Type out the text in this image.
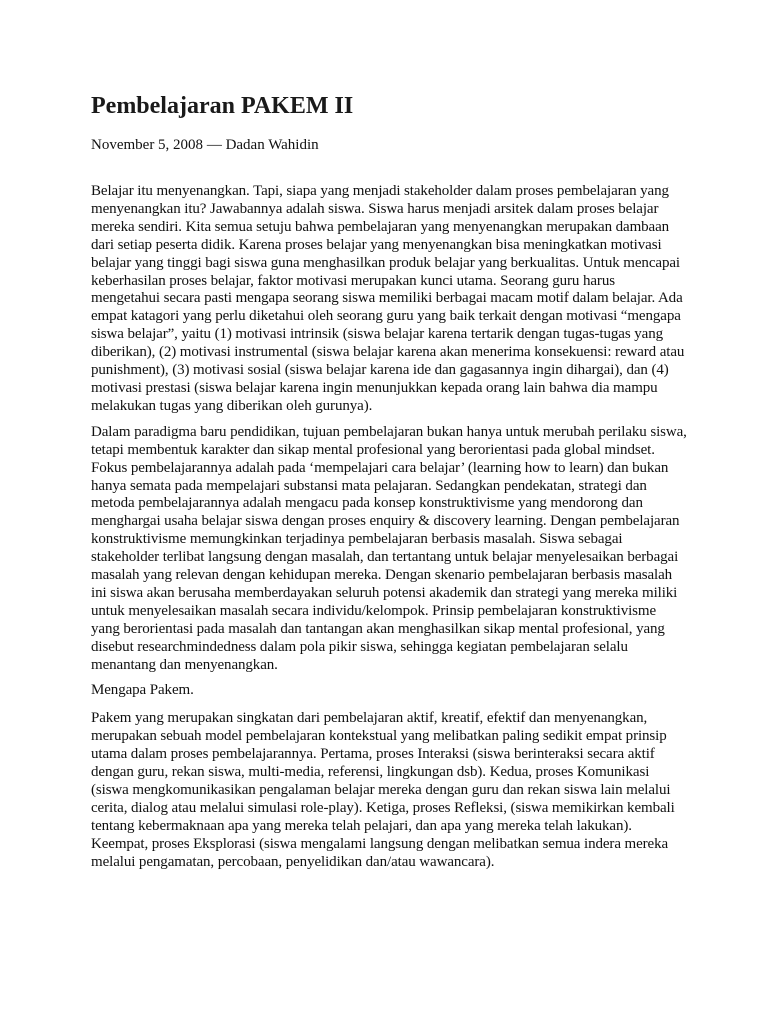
Pembelajaran PAKEM II
November 5, 2008 — Dadan Wahidin

Belajar itu menyenangkan. Tapi, siapa yang menjadi stakeholder dalam proses pembelajaran yang menyenangkan itu? Jawabannya adalah siswa. Siswa harus menjadi arsitek dalam proses belajar mereka sendiri. Kita semua setuju bahwa pembelajaran yang menyenangkan merupakan dambaan dari setiap peserta didik. Karena proses belajar yang menyenangkan bisa meningkatkan motivasi belajar yang tinggi bagi siswa guna menghasilkan produk belajar yang berkualitas. Untuk mencapai keberhasilan proses belajar, faktor motivasi merupakan kunci utama. Seorang guru harus mengetahui secara pasti mengapa seorang siswa memiliki berbagai macam motif dalam belajar. Ada empat katagori yang perlu diketahui oleh seorang guru yang baik terkait dengan motivasi “mengapa siswa belajar”, yaitu (1) motivasi intrinsik (siswa belajar karena tertarik dengan tugas-tugas yang diberikan), (2) motivasi instrumental (siswa belajar karena akan menerima konsekuensi: reward atau punishment), (3) motivasi sosial (siswa belajar karena ide dan gagasannya ingin dihargai), dan (4) motivasi prestasi (siswa belajar karena ingin menunjukkan kepada orang lain bahwa dia mampu melakukan tugas yang diberikan oleh gurunya).

Dalam paradigma baru pendidikan, tujuan pembelajaran bukan hanya untuk merubah perilaku siswa, tetapi membentuk karakter dan sikap mental profesional yang berorientasi pada global mindset. Fokus pembelajarannya adalah pada ‘mempelajari cara belajar’ (learning how to learn) dan bukan hanya semata pada mempelajari substansi mata pelajaran. Sedangkan pendekatan, strategi dan metoda pembelajarannya adalah mengacu pada konsep konstruktivisme yang mendorong dan menghargai usaha belajar siswa dengan proses enquiry & discovery learning. Dengan pembelajaran konstruktivisme memungkinkan terjadinya pembelajaran berbasis masalah. Siswa sebagai stakeholder terlibat langsung dengan masalah, dan tertantang untuk belajar menyelesaikan berbagai masalah yang relevan dengan kehidupan mereka. Dengan skenario pembelajaran berbasis masalah ini siswa akan berusaha memberdayakan seluruh potensi akademik dan strategi yang mereka miliki untuk menyelesaikan masalah secara individu/kelompok. Prinsip pembelajaran konstruktivisme yang berorientasi pada masalah dan tantangan akan menghasilkan sikap mental profesional, yang disebut researchmindedness dalam pola pikir siswa, sehingga kegiatan pembelajaran selalu menantang dan menyenangkan.

Mengapa Pakem.

Pakem yang merupakan singkatan dari pembelajaran aktif, kreatif, efektif dan menyenangkan, merupakan sebuah model pembelajaran kontekstual yang melibatkan paling sedikit empat prinsip utama dalam proses pembelajarannya. Pertama, proses Interaksi (siswa berinteraksi secara aktif dengan guru, rekan siswa, multi-media, referensi, lingkungan dsb). Kedua, proses Komunikasi (siswa mengkomunikasikan pengalaman belajar mereka dengan guru dan rekan siswa lain melalui cerita, dialog atau melalui simulasi role-play). Ketiga, proses Refleksi, (siswa memikirkan kembali tentang kebermaknaan apa yang mereka telah pelajari, dan apa yang mereka telah lakukan). Keempat, proses Eksplorasi (siswa mengalami langsung dengan melibatkan semua indera mereka melalui pengamatan, percobaan, penyelidikan dan/atau wawancara).
